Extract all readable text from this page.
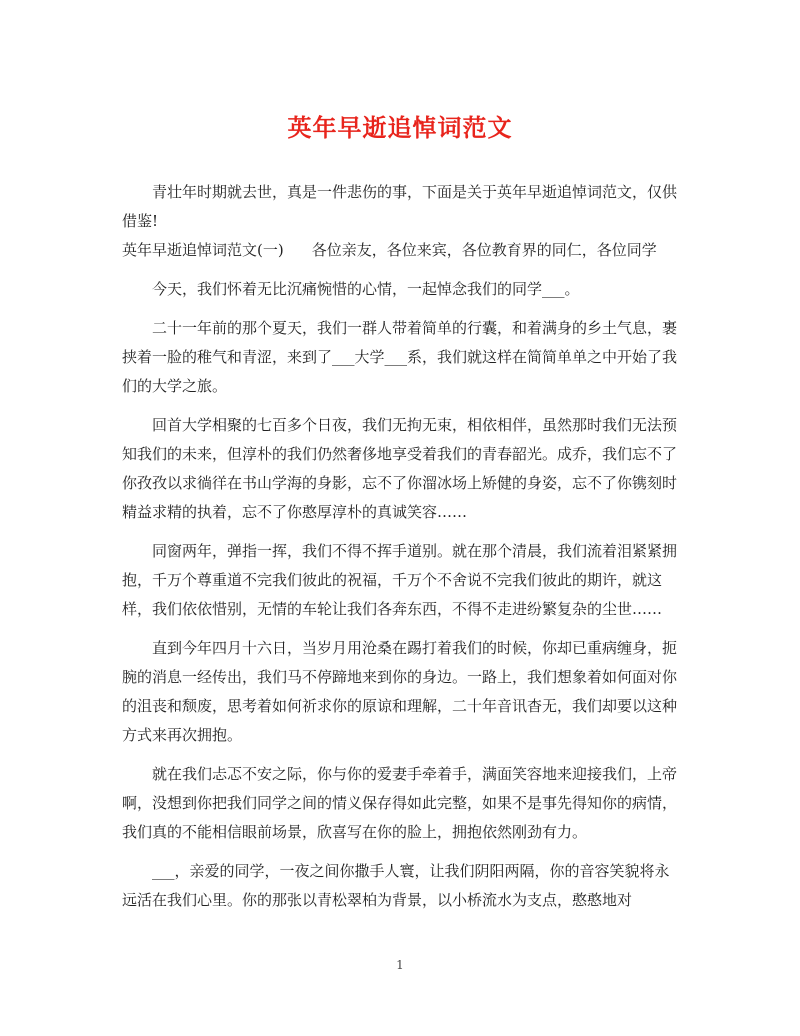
英年早逝追悼词范文

青壮年时期就去世，真是一件悲伤的事，下面是关于英年早逝追悼词范文，仅供借鉴!

英年早逝追悼词范文(一) 各位亲友，各位来宾，各位教育界的同仁，各位同学

今天，我们怀着无比沉痛惋惜的心情，一起悼念我们的同学___。

二十一年前的那个夏天，我们一群人带着简单的行囊，和着满身的乡土气息，裹挟着一脸的稚气和青涩，来到了___大学___系，我们就这样在简简单单之中开始了我们的大学之旅。

回首大学相聚的七百多个日夜，我们无拘无束，相依相伴，虽然那时我们无法预知我们的未来，但淳朴的我们仍然奢侈地享受着我们的青春韶光。成乔，我们忘不了你孜孜以求徜徉在书山学海的身影，忘不了你溜冰场上矫健的身姿，忘不了你镌刻时精益求精的执着，忘不了你憨厚淳朴的真诚笑容……

同窗两年，弹指一挥，我们不得不挥手道别。就在那个清晨，我们流着泪紧紧拥抱，千万个尊重道不完我们彼此的祝福，千万个不舍说不完我们彼此的期许，就这样，我们依依惜别，无情的车轮让我们各奔东西，不得不走进纷繁复杂的尘世……

直到今年四月十六日，当岁月用沧桑在踢打着我们的时候，你却已重病缠身，扼腕的消息一经传出，我们马不停蹄地来到你的身边。一路上，我们想象着如何面对你的沮丧和颓废，思考着如何祈求你的原谅和理解，二十年音讯杳无，我们却要以这种方式来再次拥抱。

就在我们忐忑不安之际，你与你的爱妻手牵着手，满面笑容地来迎接我们，上帝啊，没想到你把我们同学之间的情义保存得如此完整，如果不是事先得知你的病情，我们真的不能相信眼前场景，欣喜写在你的脸上，拥抱依然刚劲有力。

___，亲爱的同学，一夜之间你撒手人寰，让我们阴阳两隔，你的音容笑貌将永远活在我们心里。你的那张以青松翠柏为背景，以小桥流水为支点，憨憨地对

1
